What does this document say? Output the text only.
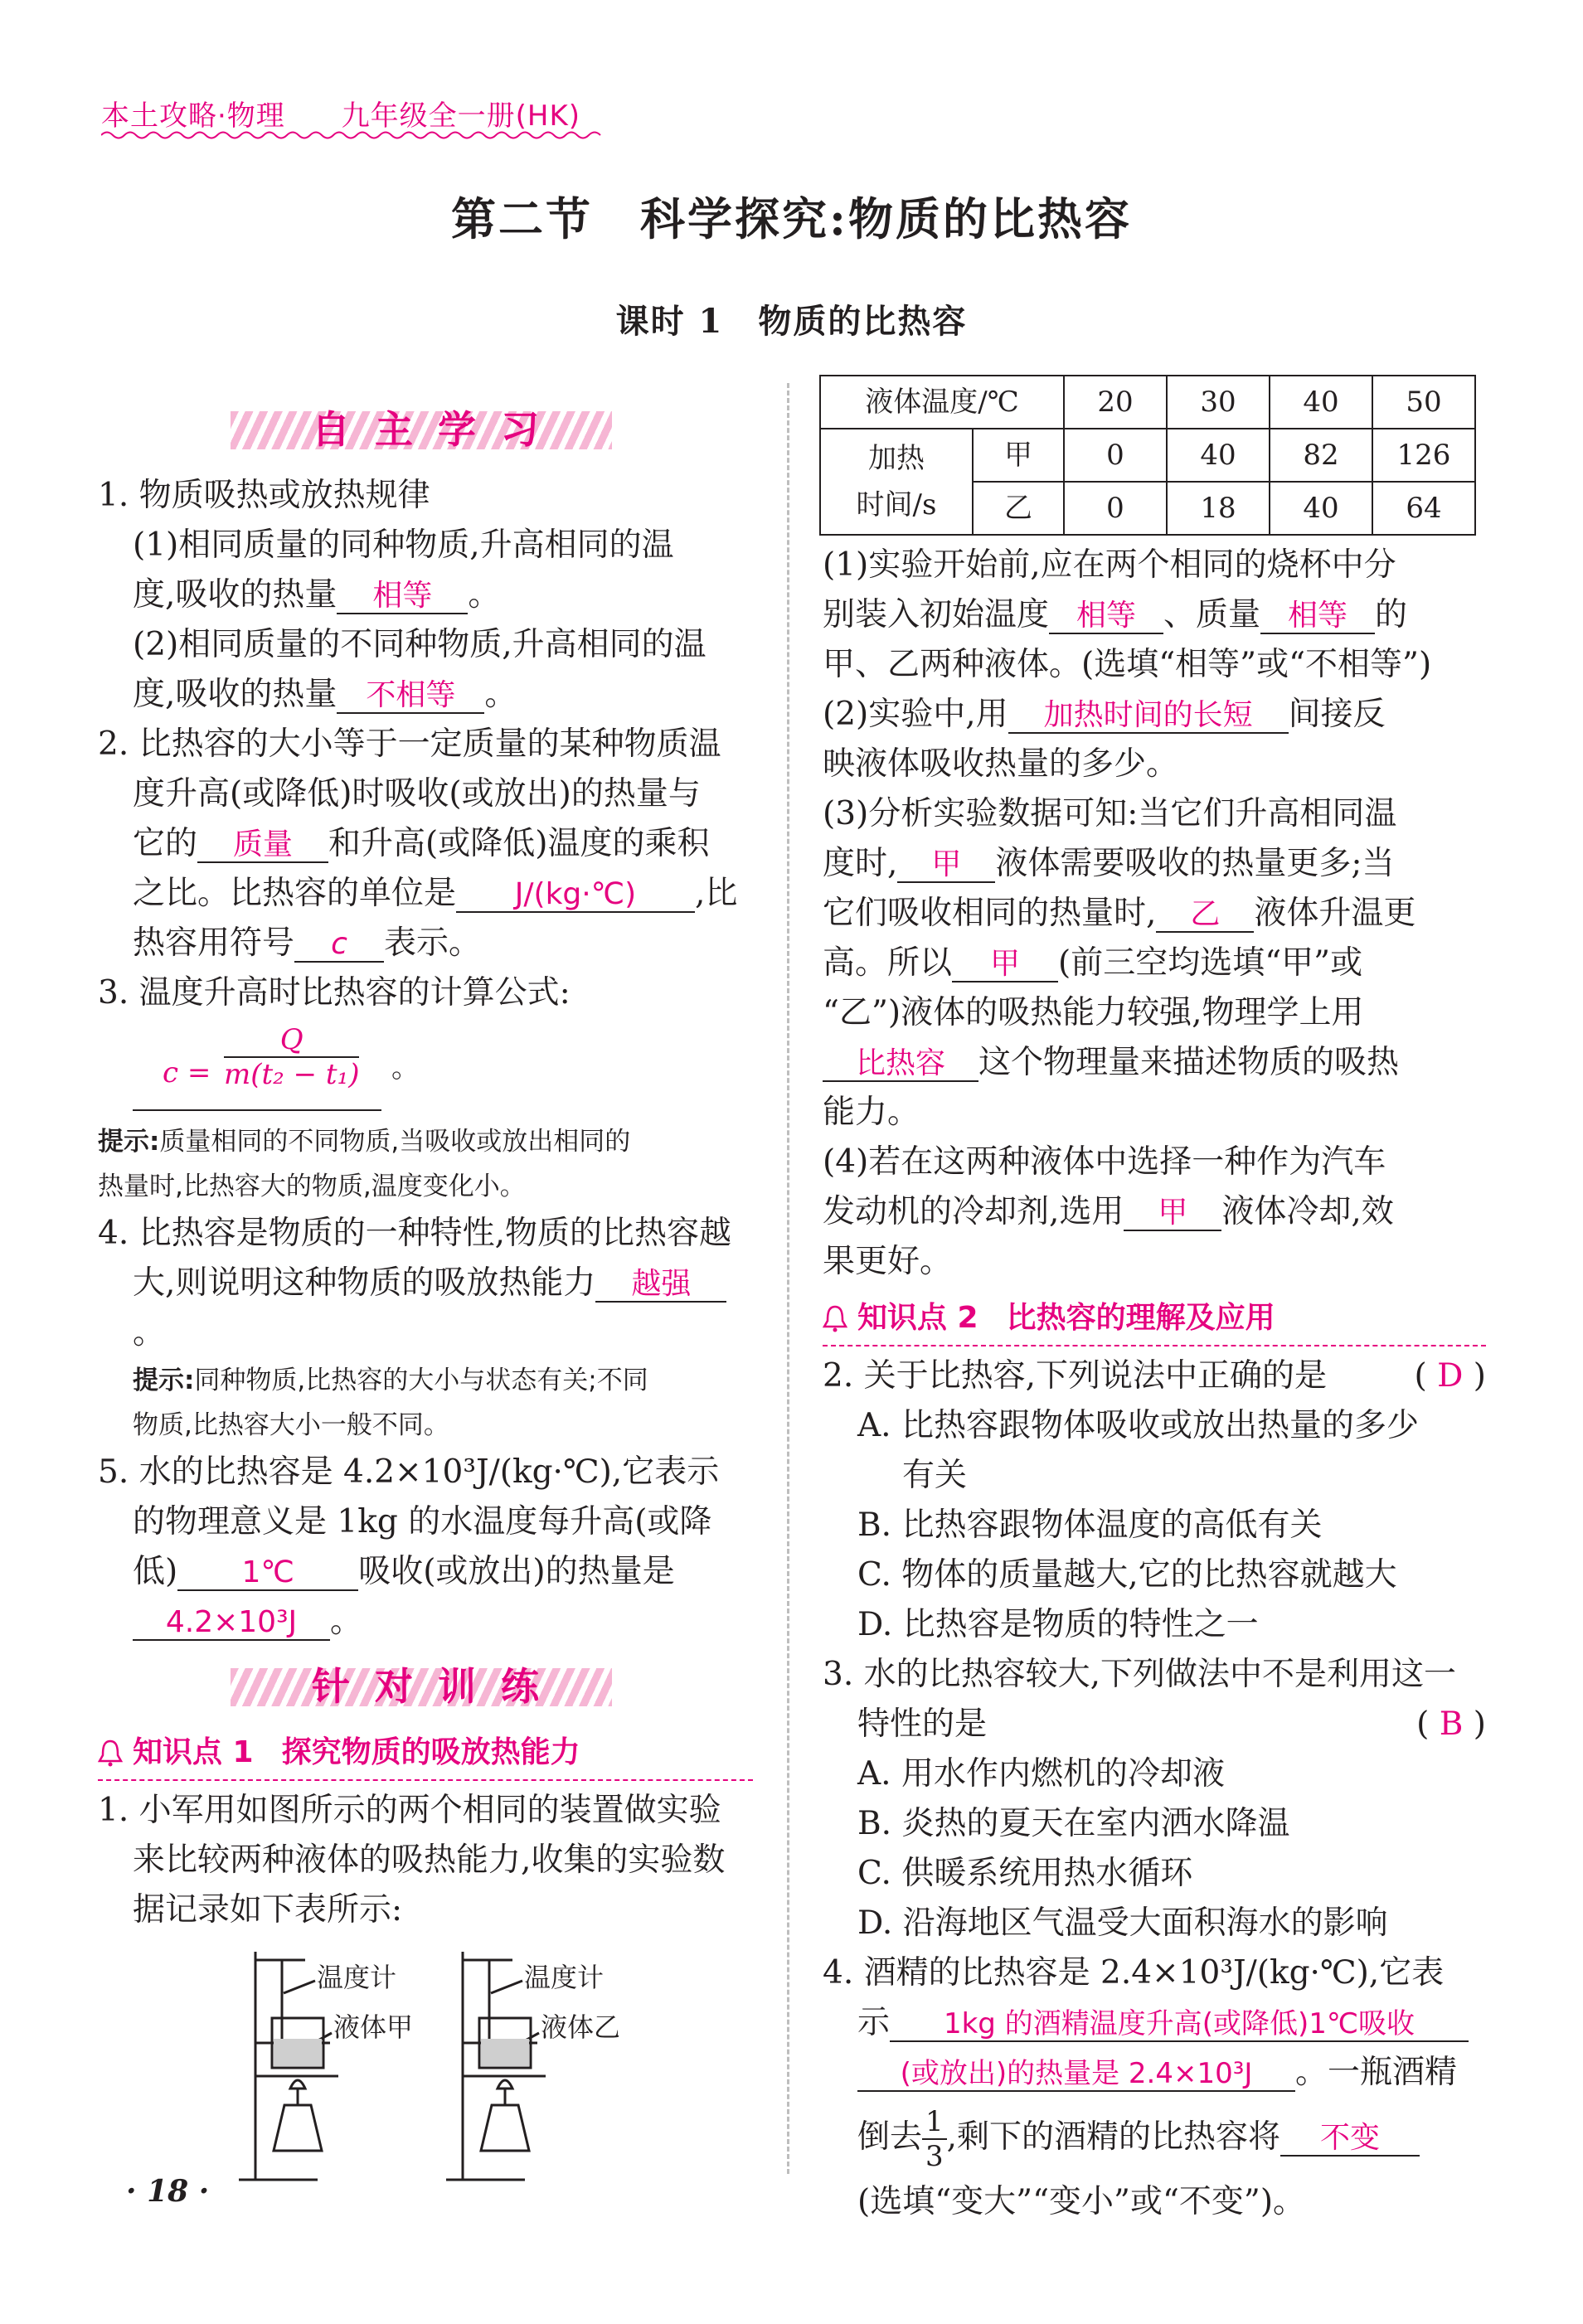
本土攻略·物理 九年级全一册(HK)
第二节　科学探究:物质的比热容
课时 1　物质的比热容
自主学习

1. 物质吸热或放热规律

(1)相同质量的同种物质,升高相同的温

度,吸收的热量 相等 。

(2)相同质量的不同种物质,升高相同的温

度,吸收的热量 不相等 。

2. 比热容的大小等于一定质量的某种物质温

度升高(或降低)时吸收(或放出)的热量与

它的 质量 和升高(或降低)温度的乘积

之比。比热容的单位是 J/(kg·℃) ,比

热容用符号 c 表示。

3. 温度升高时比热容的计算公式:

$c = \frac{Q}{\text{m(t₂ − t₁)}}$ 。

提示:质量相同的不同物质,当吸收或放出相同的

热量时,比热容大的物质,温度变化小。

4. 比热容是物质的一种特性,物质的比热容越

大,则说明这种物质的吸放热能力 越强。

提示:同种物质,比热容的大小与状态有关;不同

物质,比热容大小一般不同。

5. 水的比热容是 4.2×10³J/(kg·℃),它表示

的物理意义是 1kg 的水温度每升高(或降

低) 1℃ 吸收(或放出)的热量是

4.2×10³J 。

针对训练
知识点 1 探究物质的吸放热能力

1. 小军用如图所示的两个相同的装置做实验

来比较两种液体的吸热能力,收集的实验数

据记录如下表所示:

温度计
液体甲
温度计
液体乙
液体温度/℃		20	30	40	50
加热
时间/s	甲	0	40	82	126
	乙	0	18	40	64

(1)实验开始前,应在两个相同的烧杯中分

别装入初始温度 相等 、质量 相等 的

甲、乙两种液体。(选填“相等”或“不相等”)

(2)实验中,用 加热时间的长短 间接反

映液体吸收热量的多少。

(3)分析实验数据可知:当它们升高相同温

度时, 甲 液体需要吸收的热量更多;当

它们吸收相同的热量时, 乙 液体升温更

高。所以 甲 (前三空均选填“甲”或

“乙”)液体的吸热能力较强,物理学上用

比热容 这个物理量来描述物质的吸热

能力。

(4)若在这两种液体中选择一种作为汽车

发动机的冷却剂,选用 甲 液体冷却,效

果更好。

知识点 2 比热容的理解及应用

2. 关于比热容,下列说法中正确的是	( D )

A. 比热容跟物体吸收或放出热量的多少

有关

B. 比热容跟物体温度的高低有关

C. 物体的质量越大,它的比热容就越大

D. 比热容是物质的特性之一

3. 水的比热容较大,下列做法中不是利用这一

特性的是	( B )

A. 用水作内燃机的冷却液

B. 炎热的夏天在室内洒水降温

C. 供暖系统用热水循环

D. 沿海地区气温受大面积海水的影响

4. 酒精的比热容是 2.4×10³J/(kg·℃),它表

示 1kg 的酒精温度升高(或降低)1℃吸收

(或放出)的热量是 2.4×10³J 。一瓶酒精

倒去 $\frac{1}{3}$ ,剩下的酒精的比热容将 不变

(选填“变大”“变小”或“不变”)。

· 18 ·
